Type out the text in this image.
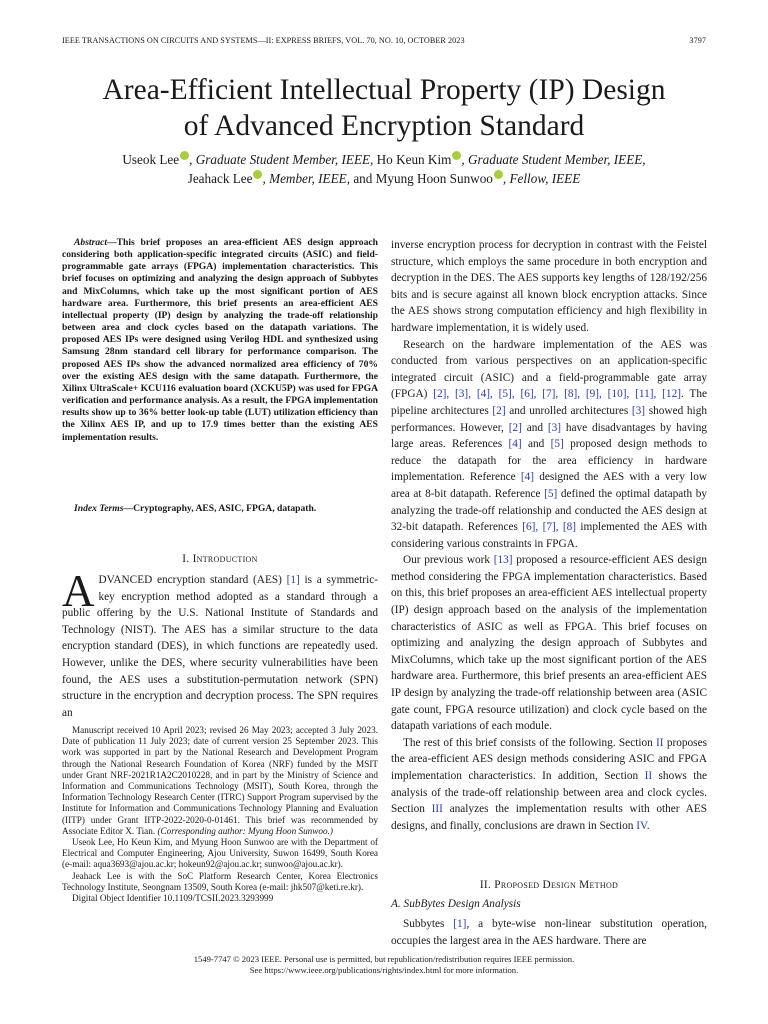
IEEE TRANSACTIONS ON CIRCUITS AND SYSTEMS—II: EXPRESS BRIEFS, VOL. 70, NO. 10, OCTOBER 2023	3797
Area-Efficient Intellectual Property (IP) Design
of Advanced Encryption Standard
Useok Lee , Graduate Student Member, IEEE, Ho Keun Kim , Graduate Student Member, IEEE,
Jeahack Lee , Member, IEEE, and Myung Hoon Sunwoo , Fellow, IEEE

Abstract—This brief proposes an area-efficient AES design approach considering both application-specific integrated circuits (ASIC) and field-programmable gate arrays (FPGA) implementation characteristics. This brief focuses on optimizing and analyzing the design approach of Subbytes and MixColumns, which take up the most significant portion of AES hardware area. Furthermore, this brief presents an area-efficient AES intellectual property (IP) design by analyzing the trade-off relationship between area and clock cycles based on the datapath variations. The proposed AES IPs were designed using Verilog HDL and synthesized using Samsung 28nm standard cell library for performance comparison. The proposed AES IPs show the advanced normalized area efficiency of 70% over the existing AES design with the same datapath. Furthermore, the Xilinx UltraScale+ KCU116 evaluation board (XCKU5P) was used for FPGA verification and performance analysis. As a result, the FPGA implementation results show up to 36% better look-up table (LUT) utilization efficiency than the Xilinx AES IP, and up to 17.9 times better than the existing AES implementation results.

Index Terms—Cryptography, AES, ASIC, FPGA, datapath.

I. Introduction
ADVANCED encryption standard (AES) [1] is a symmetric-key encryption method adopted as a standard through a public offering by the U.S. National Institute of Standards and Technology (NIST). The AES has a similar structure to the data encryption standard (DES), in which functions are repeatedly used. However, unlike the DES, where security vulnerabilities have been found, the AES uses a substitution-permutation network (SPN) structure in the encryption and decryption process. The SPN requires an

Manuscript received 10 April 2023; revised 26 May 2023; accepted 3 July 2023. Date of publication 11 July 2023; date of current version 25 September 2023. This work was supported in part by the National Research and Development Program through the National Research Foundation of Korea (NRF) funded by the MSIT under Grant NRF-2021R1A2C2010228, and in part by the Ministry of Science and Information and Communications Technology (MSIT), South Korea, through the Information Technology Research Center (ITRC) Support Program supervised by the Institute for Information and Communications Technology Planning and Evaluation (IITP) under Grant IITP-2022-2020-0-01461. This brief was recommended by Associate Editor X. Tian. (Corresponding author: Myung Hoon Sunwoo.)

Useok Lee, Ho Keun Kim, and Myung Hoon Sunwoo are with the Department of Electrical and Computer Engineering, Ajou University, Suwon 16499, South Korea (e-mail: aqua3693@ajou.ac.kr; hokeun92@ajou.ac.kr; sunwoo@ajou.ac.kr).

Jeahack Lee is with the SoC Platform Research Center, Korea Electronics Technology Institute, Seongnam 13509, South Korea (e-mail: jhk507@keti.re.kr).

Digital Object Identifier 10.1109/TCSII.2023.3293999

inverse encryption process for decryption in contrast with the Feistel structure, which employs the same procedure in both encryption and decryption in the DES. The AES supports key lengths of 128/192/256 bits and is secure against all known block encryption attacks. Since the AES shows strong computation efficiency and high flexibility in hardware implementation, it is widely used.

Research on the hardware implementation of the AES was conducted from various perspectives on an application-specific integrated circuit (ASIC) and a field-programmable gate array (FPGA) [2], [3], [4], [5], [6], [7], [8], [9], [10], [11], [12]. The pipeline architectures [2] and unrolled architectures [3] showed high performances. However, [2] and [3] have disadvantages by having large areas. References [4] and [5] proposed design methods to reduce the datapath for the area efficiency in hardware implementation. Reference [4] designed the AES with a very low area at 8-bit datapath. Reference [5] defined the optimal datapath by analyzing the trade-off relationship and conducted the AES design at 32-bit datapath. References [6], [7], [8] implemented the AES with considering various constraints in FPGA.

Our previous work [13] proposed a resource-efficient AES design method considering the FPGA implementation characteristics. Based on this, this brief proposes an area-efficient AES intellectual property (IP) design approach based on the analysis of the implementation characteristics of ASIC as well as FPGA. This brief focuses on optimizing and analyzing the design approach of Subbytes and MixColumns, which take up the most significant portion of the AES hardware area. Furthermore, this brief presents an area-efficient AES IP design by analyzing the trade-off relationship between area (ASIC gate count, FPGA resource utilization) and clock cycle based on the datapath variations of each module.

The rest of this brief consists of the following. Section II proposes the area-efficient AES design methods considering ASIC and FPGA implementation characteristics. In addition, Section II shows the analysis of the trade-off relationship between area and clock cycles. Section III analyzes the implementation results with other AES designs, and finally, conclusions are drawn in Section IV.

II. Proposed Design Method
A. SubBytes Design Analysis

Subbytes [1], a byte-wise non-linear substitution operation, occupies the largest area in the AES hardware. There are

1549-7747 © 2023 IEEE. Personal use is permitted, but republication/redistribution requires IEEE permission.
See https://www.ieee.org/publications/rights/index.html for more information.
